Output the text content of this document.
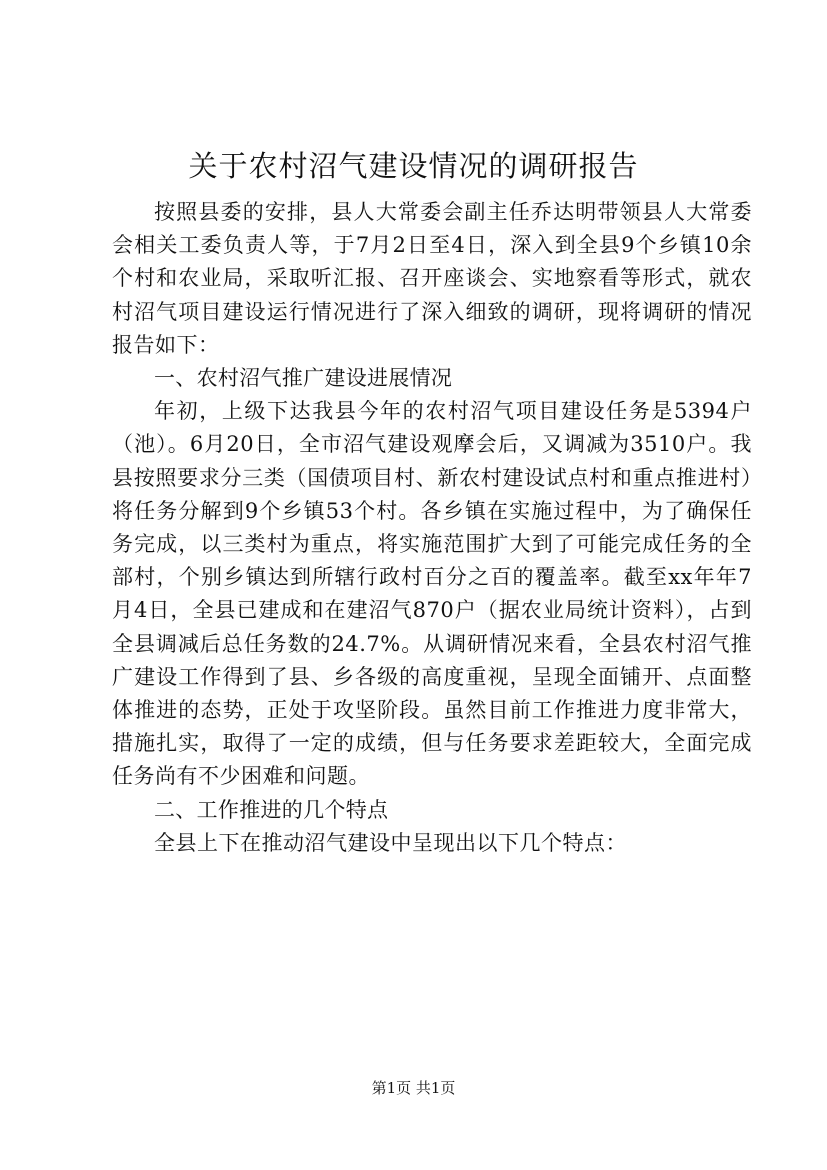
关于农村沼气建设情况的调研报告

按照县委的安排，县人大常委会副主任乔达明带领县人大常委会相关工委负责人等，于7月2日至4日，深入到全县9个乡镇10余个村和农业局，采取听汇报、召开座谈会、实地察看等形式，就农村沼气项目建设运行情况进行了深入细致的调研，现将调研的情况报告如下：

一、农村沼气推广建设进展情况

年初，上级下达我县今年的农村沼气项目建设任务是5394户（池）。6月20日，全市沼气建设观摩会后，又调减为3510户。我县按照要求分三类（国债项目村、新农村建设试点村和重点推进村）将任务分解到9个乡镇53个村。各乡镇在实施过程中，为了确保任务完成，以三类村为重点，将实施范围扩大到了可能完成任务的全部村，个别乡镇达到所辖行政村百分之百的覆盖率。截至xx年年7月4日，全县已建成和在建沼气870户（据农业局统计资料），占到全县调减后总任务数的24.7%。从调研情况来看，全县农村沼气推广建设工作得到了县、乡各级的高度重视，呈现全面铺开、点面整体推进的态势，正处于攻坚阶段。虽然目前工作推进力度非常大，措施扎实，取得了一定的成绩，但与任务要求差距较大，全面完成任务尚有不少困难和问题。

二、工作推进的几个特点

全县上下在推动沼气建设中呈现出以下几个特点：

第1页 共1页
